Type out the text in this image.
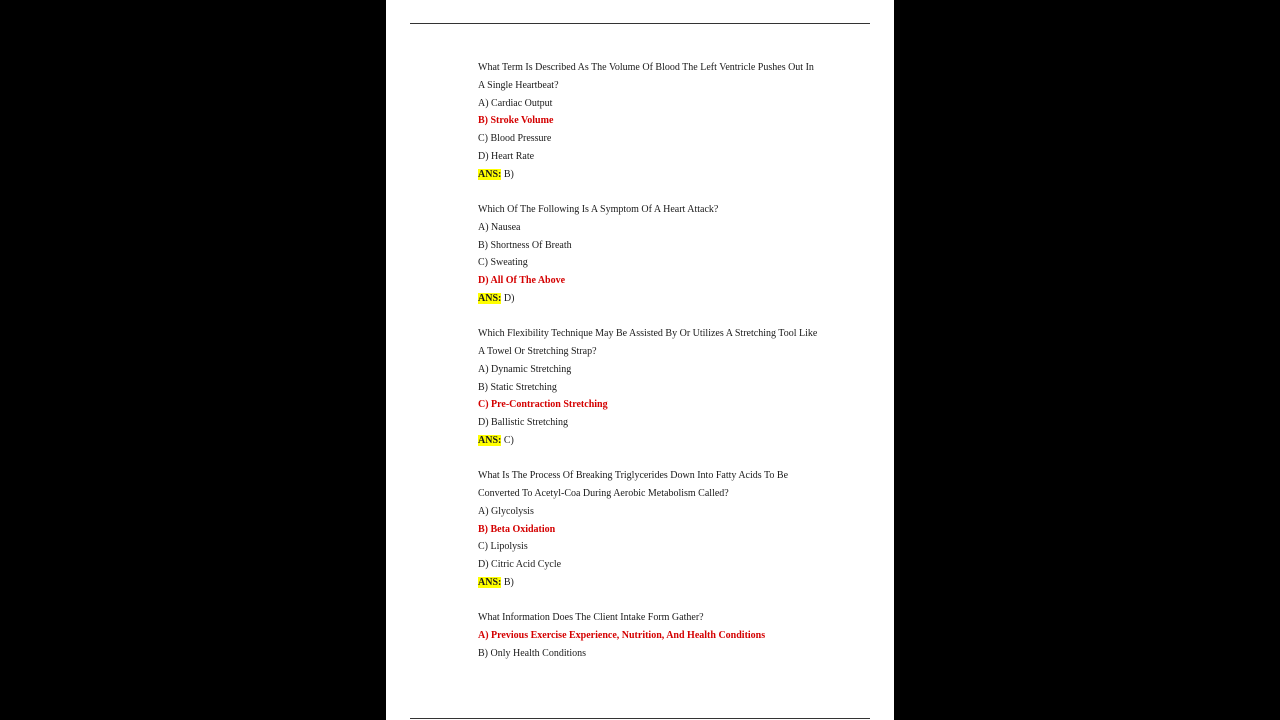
What Term Is Described As The Volume Of Blood The Left Ventricle Pushes Out In
A Single Heartbeat?
A) Cardiac Output
B) Stroke Volume
C) Blood Pressure
D) Heart Rate
ANS: B)
Which Of The Following Is A Symptom Of A Heart Attack?
A) Nausea
B) Shortness Of Breath
C) Sweating
D) All Of The Above
ANS: D)
Which Flexibility Technique May Be Assisted By Or Utilizes A Stretching Tool Like
A Towel Or Stretching Strap?
A) Dynamic Stretching
B) Static Stretching
C) Pre-Contraction Stretching
D) Ballistic Stretching
ANS: C)
What Is The Process Of Breaking Triglycerides Down Into Fatty Acids To Be
Converted To Acetyl-Coa During Aerobic Metabolism Called?
A) Glycolysis
B) Beta Oxidation
C) Lipolysis
D) Citric Acid Cycle
ANS: B)
What Information Does The Client Intake Form Gather?
A) Previous Exercise Experience, Nutrition, And Health Conditions
B) Only Health Conditions
